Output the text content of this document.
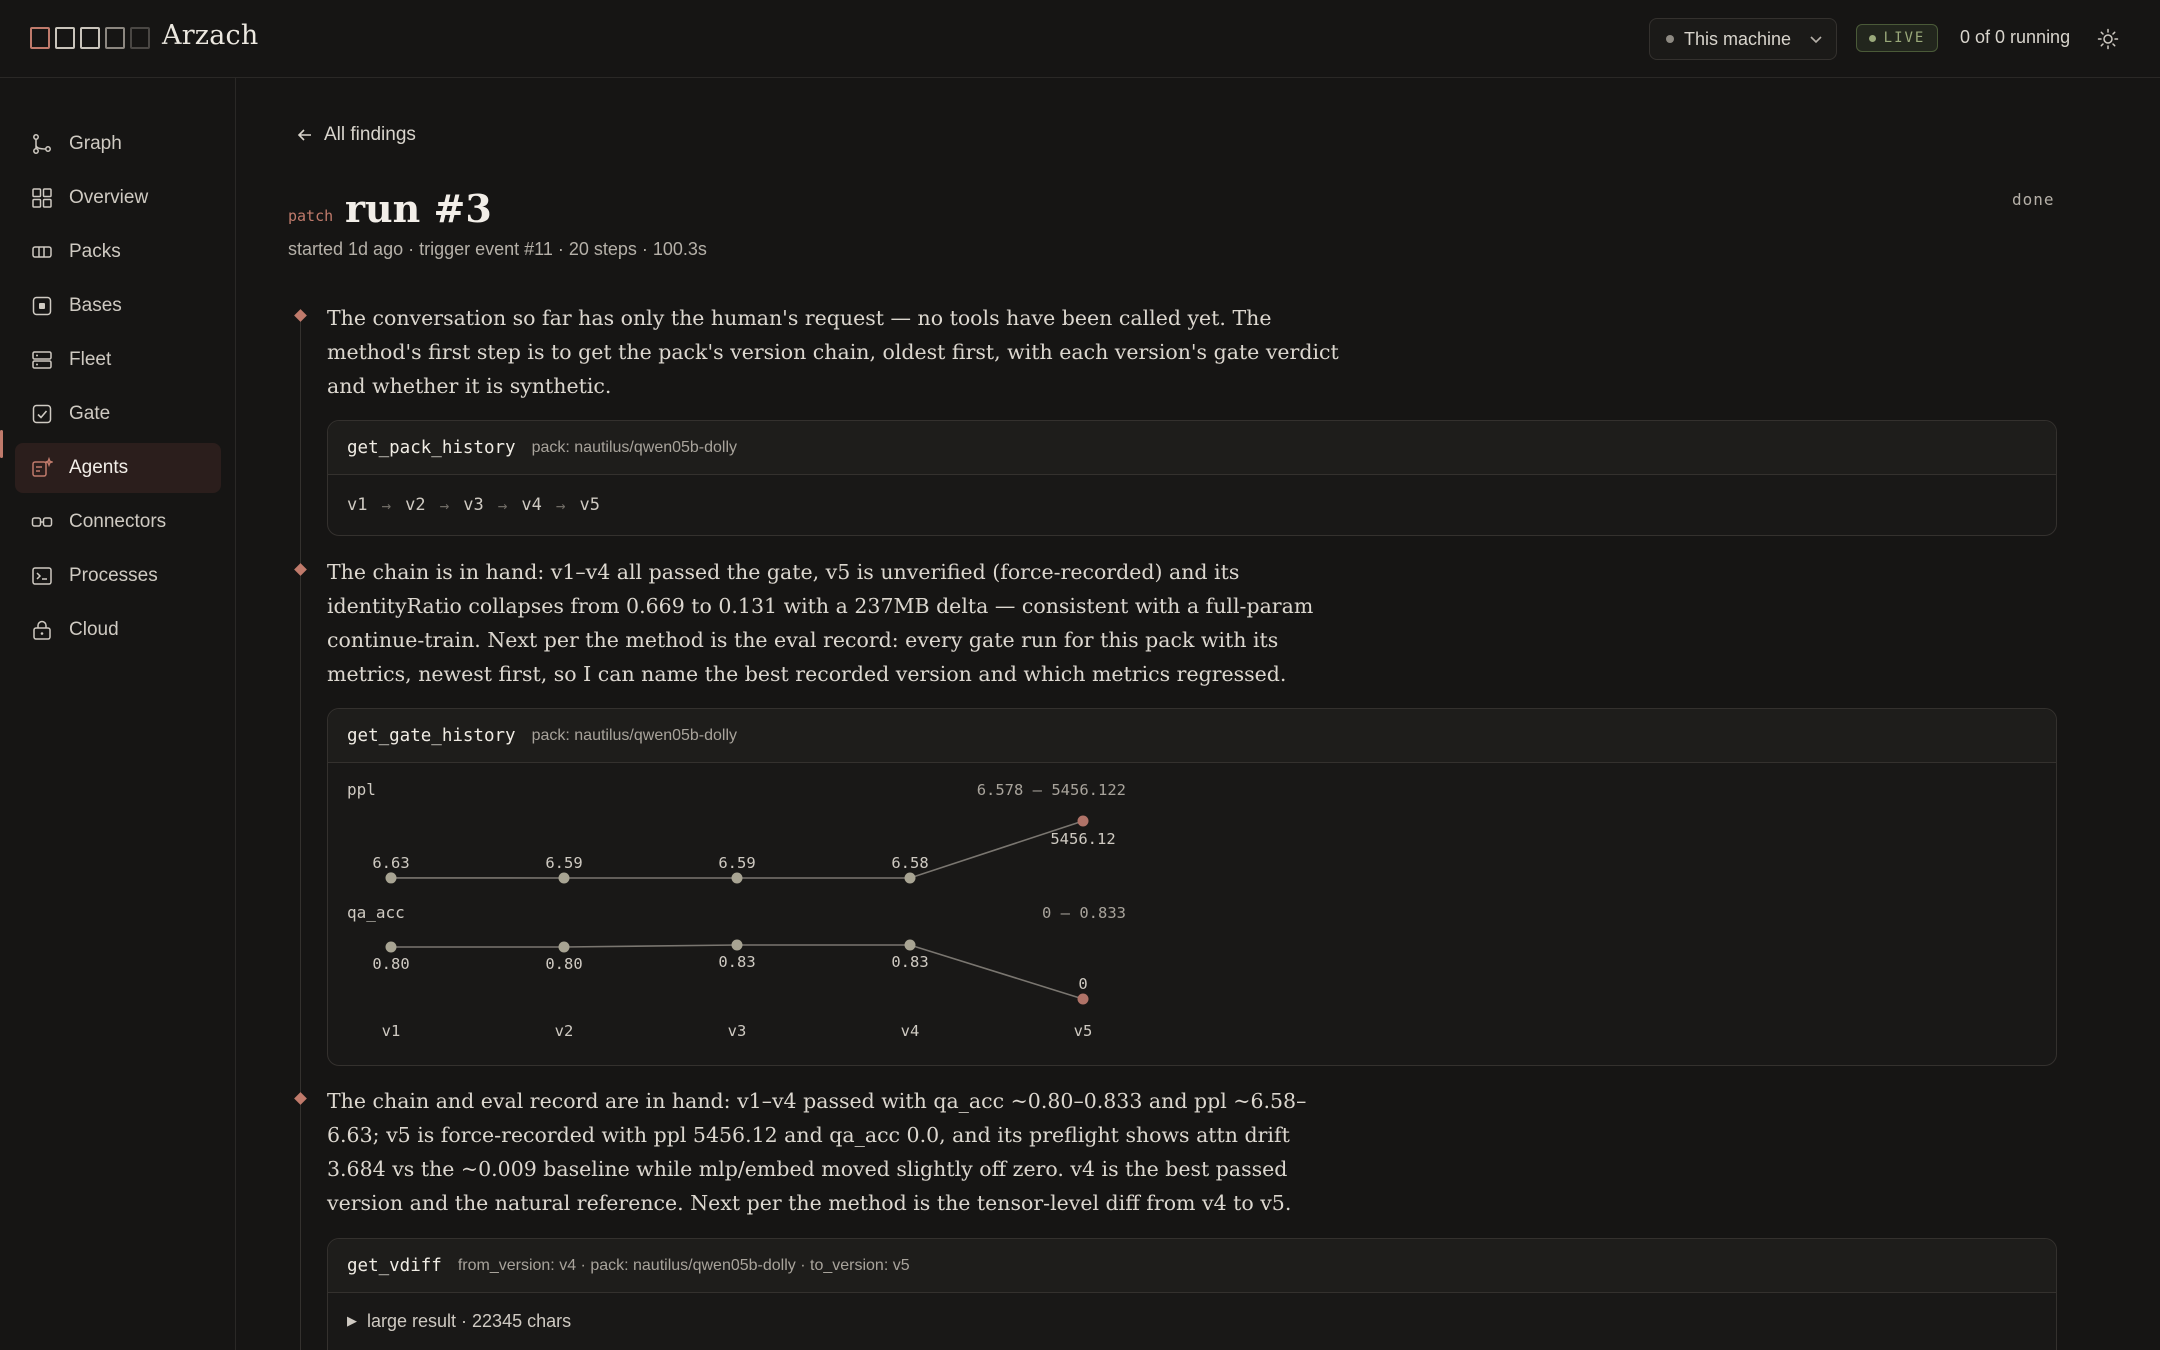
Arzach	This machine	LIVE 0 of 0 running
Graph
Overview
Packs
Bases
Fleet
Gate
Agents
Connectors
Processes
Cloud
All findings
patch run #3
started 1d ago · trigger event #11 · 20 steps · 100.3s
done
The conversation so far has only the human's request — no tools have been called yet. The method's first step is to get the pack's version chain, oldest first, with each version's gate verdict and whether it is synthetic.
get_pack_history pack: nautilus/qwen05b-dolly
v1 → v2 → v3 → v4 → v5
The chain is in hand: v1–v4 all passed the gate, v5 is unverified (force-recorded) and its identityRatio collapses from 0.669 to 0.131 with a 237MB delta — consistent with a full-param continue-train. Next per the method is the eval record: every gate run for this pack with its metrics, newest first, so I can name the best recorded version and which metrics regressed.
get_gate_history pack: nautilus/qwen05b-dolly
ppl	6.578 – 5456.122
6.63	6.59	6.59	6.58
5456.12
qa_acc	0 – 0.833
0.80	0.80	0.83	0.83
0
v1	v2	v3	v4	v5
The chain and eval record are in hand: v1–v4 passed with qa_acc ~0.80–0.833 and ppl ~6.58–6.63; v5 is force-recorded with ppl 5456.12 and qa_acc 0.0, and its preflight shows attn drift 3.684 vs the ~0.009 baseline while mlp/embed moved slightly off zero. v4 is the best passed version and the natural reference. Next per the method is the tensor-level diff from v4 to v5.
get_vdiff from_version: v4 · pack: nautilus/qwen05b-dolly · to_version: v5
▶ large result · 22345 chars
